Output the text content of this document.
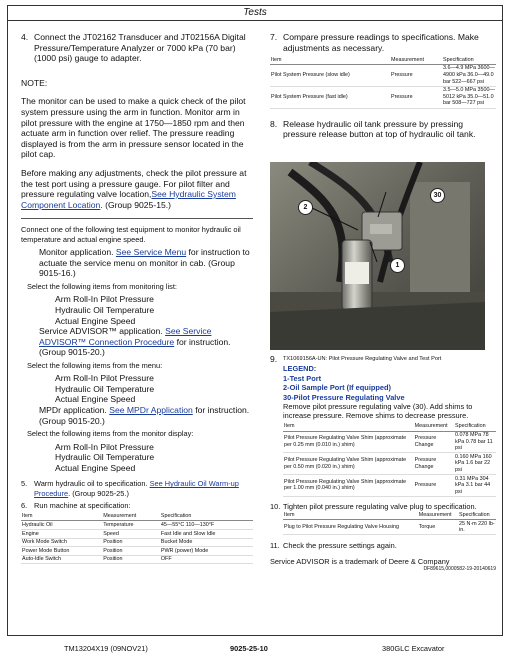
Tests
4. Connect the JT02162 Transducer and JT02156A Digital Pressure/Temperature Analyzer or 7000 kPa (70 bar) (1000 psi) gauge to adapter.

NOTE:

The monitor can be used to make a quick check of the pilot system pressure using the arm in function. Monitor arm in pilot pressure with the engine at 1750—1850 rpm and then actuate arm in function over relief. The pressure reading displayed is from the arm in pressure sensor located in the pilot cap.

Before making any adjustments, check the pilot pressure at the test port using a pressure gauge. For pilot filter and pressure regulating valve location,See Hydraulic System Component Location. (Group 9025-15.)

Connect one of the following test equipment to monitor hydraulic oil temperature and actual engine speed.

Monitor application. See Service Menu for instruction to actuate the service menu on monitor in cab. (Group 9015-16.)

Select the following items from monitoring list:

Arm Roll-In Pilot Pressure
Hydraulic Oil Temperature
Actual Engine Speed

Service ADVISOR™ application. See Service ADVISOR™ Connection Procedure for instruction. (Group 9015-20.)

Select the following items from the menu:

Arm Roll-In Pilot Pressure
Hydraulic Oil Temperature
Actual Engine Speed

MPDr application. See MPDr Application for instruction. (Group 9015-20.)

Select the following items from the monitor display:

Arm Roll-In Pilot Pressure
Hydraulic Oil Temperature
Actual Engine Speed
5. Warm hydraulic oil to specification. See Hydraulic Oil Warm-up Procedure. (Group 9025-25.)
6. Run machine at specification:
Item	Measurement	Specification
Hydraulic Oil	Temperature	45—55°C 110—130°F
Engine	Speed	Fast Idle and Slow Idle
Work Mode Switch	Position	Bucket Mode
Power Mode Button	Position	PWR (power) Mode
Auto-Idle Switch	Position	OFF
7. Compare pressure readings to specifications. Make adjustments as necessary.
Item	Measurement	Specification
Pilot System Pressure (slow idle)	Pressure	3.6—4.9 MPa 3600—4900 kPa 36.0—49.0 bar 522—667 psi
Pilot System Pressure (fast idle)	Pressure	3.5—5.0 MPa 3500—5012 kPa 35.0—51.0 bar 508—727 psi
8. Release hydraulic oil tank pressure by pressing pressure release button at top of hydraulic oil tank.
30
2
1
9.	TX1069156A-UN: Pilot Pressure Regulating Valve and Test Port
LEGEND:
1-Test Port
2-Oil Sample Port (If equipped)
30-Pilot Pressure Regulating Valve

Remove pilot pressure regulating valve (30). Add shims to increase pressure. Remove shims to decrease pressure.

Item	Measurement	Specification
Pilot Pressure Regulating Valve Shim (approximate per 0.25 mm (0.010 in.) shim)	Pressure Change	0.078 MPa 78 kPa 0.78 bar 11 psi
Pilot Pressure Regulating Valve Shim (approximate per 0.50 mm (0.020 in.) shim)	Pressure Change	0.160 MPa 160 kPa 1.6 bar 22 psi
Pilot Pressure Regulating Valve Shim (approximate per 1.00 mm (0.040 in.) shim)	Pressure	0.31 MPa 304 kPa 3.1 bar 44 psi
10. Tighten pilot pressure regulating valve plug to specification.
Item	Measurement	Specification
Plug to Pilot Pressure Regulating Valve Housing	Torque	25 N·m 220 lb-in.
11. Check the pressure settings again.

Service ADVISOR is a trademark of Deere & Company

DF89615,0000582-19-20140619

TM13204X19 (09NOV21)	9025-25-10	380GLC Excavator
